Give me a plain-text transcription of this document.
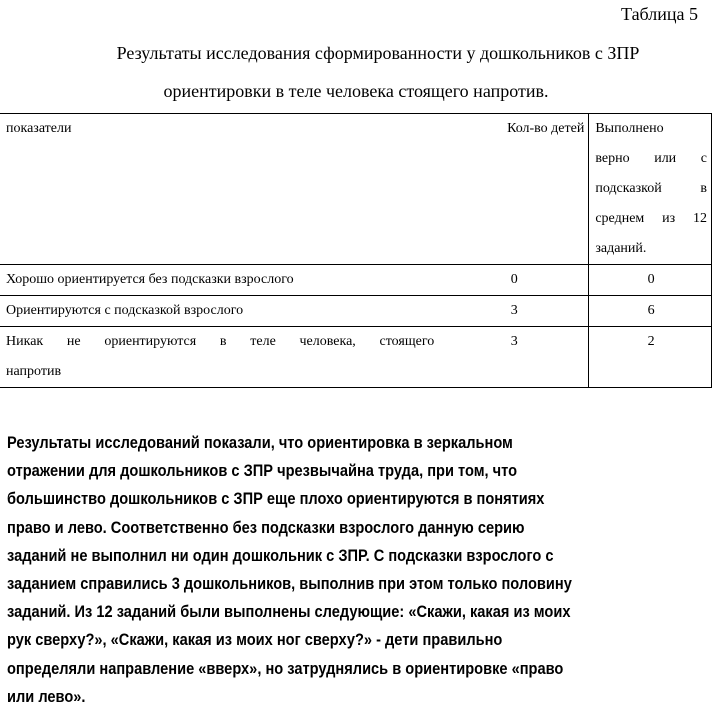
Таблица 5
Результаты исследования сформированности у дошкольников с ЗПР
ориентировки в теле человека стоящего напротив.
показатели	Кол-во детей	Выполнено
верно или с
подсказкой в
среднем из 12
заданий.

Хорошо ориентируется без подсказки взрослого	0	0
Ориентируются с подсказкой взрослого	3	6

Никак не ориентируются в теле человека, стоящего
напротив	3	2
Результаты исследований показали, что ориентировка в зеркальном
отражении для дошкольников с ЗПР чрезвычайна труда, при том, что
большинство дошкольников с ЗПР еще плохо ориентируются в понятиях
право и лево. Соответственно без подсказки взрослого данную серию
заданий не выполнил ни один дошкольник с ЗПР. С подсказки взрослого с
заданием справились 3 дошкольников, выполнив при этом только половину
заданий. Из 12 заданий были выполнены следующие: «Скажи, какая из моих
рук сверху?», «Скажи, какая из моих ног сверху?» - дети правильно
определяли направление «вверх», но затруднялись в ориентировке «право
или лево».
